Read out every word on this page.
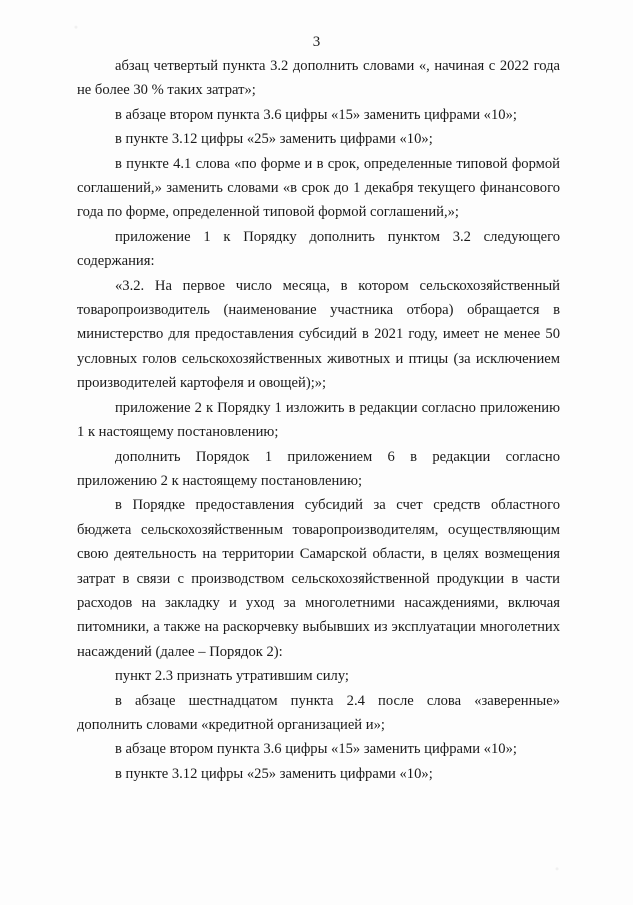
3

абзац четвертый пункта 3.2 дополнить словами «, начиная с 2022 года не более 30 % таких затрат»;

в абзаце втором пункта 3.6 цифры «15» заменить цифрами «10»;

в пункте 3.12 цифры «25» заменить цифрами «10»;

в пункте 4.1 слова «по форме и в срок, определенные типовой формой соглашений,» заменить словами «в срок до 1 декабря текущего финансового года по форме, определенной типовой формой соглашений,»;

приложение 1 к Порядку дополнить пунктом 3.2 следующего содержания:

«3.2. На первое число месяца, в котором сельскохозяйственный товаропроизводитель (наименование участника отбора) обращается в министерство для предоставления субсидий в 2021 году, имеет не менее 50 условных голов сельскохозяйственных животных и птицы (за исключением производителей картофеля и овощей);»;

приложение 2 к Порядку 1 изложить в редакции согласно приложению 1 к настоящему постановлению;

дополнить Порядок 1 приложением 6 в редакции согласно приложению 2 к настоящему постановлению;

в Порядке предоставления субсидий за счет средств областного бюджета сельскохозяйственным товаропроизводителям, осуществляющим свою деятельность на территории Самарской области, в целях возмещения затрат в связи с производством сельскохозяйственной продукции в части расходов на закладку и уход за многолетними насаждениями, включая питомники, а также на раскорчевку выбывших из эксплуатации многолетних насаждений (далее – Порядок 2):

пункт 2.3 признать утратившим силу;

в абзаце шестнадцатом пункта 2.4 после слова «заверенные» дополнить словами «кредитной организацией и»;

в абзаце втором пункта 3.6 цифры «15» заменить цифрами «10»;

в пункте 3.12 цифры «25» заменить цифрами «10»;
